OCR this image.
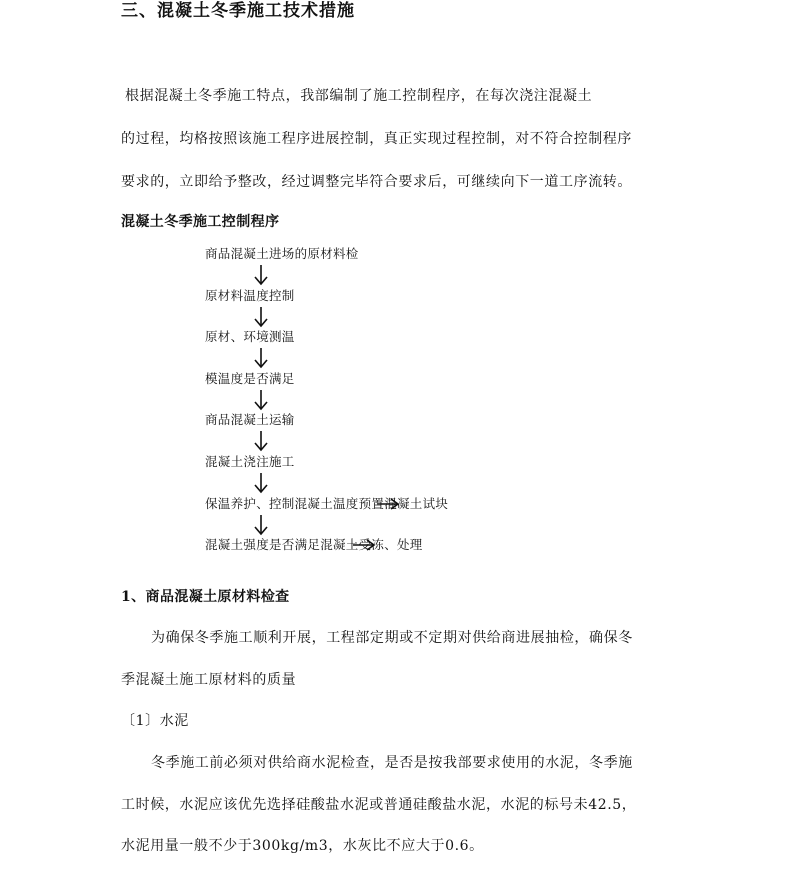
三、混凝土冬季施工技术措施
根据混凝土冬季施工特点，我部编制了施工控制程序，在每次浇注混凝土
的过程，均格按照该施工程序进展控制，真正实现过程控制，对不符合控制程序
要求的，立即给予整改，经过调整完毕符合要求后，可继续向下一道工序流转。
混凝土冬季施工控制程序
商品混凝土进场的原材料检
原材料温度控制
原材、环境测温
模温度是否满足
商品混凝土运输
混凝土浇注施工
保温养护、控制混凝土温度预置混凝土试块
混凝土强度是否满足混凝土受冻、处理
1、商品混凝土原材料检查
为确保冬季施工顺利开展，工程部定期或不定期对供给商进展抽检，确保冬
季混凝土施工原材料的质量
〔1〕水泥
冬季施工前必须对供给商水泥检查，是否是按我部要求使用的水泥，冬季施
工时候，水泥应该优先选择硅酸盐水泥或普通硅酸盐水泥，水泥的标号未42.5，
水泥用量一般不少于300kg/m3，水灰比不应大于0.6。
